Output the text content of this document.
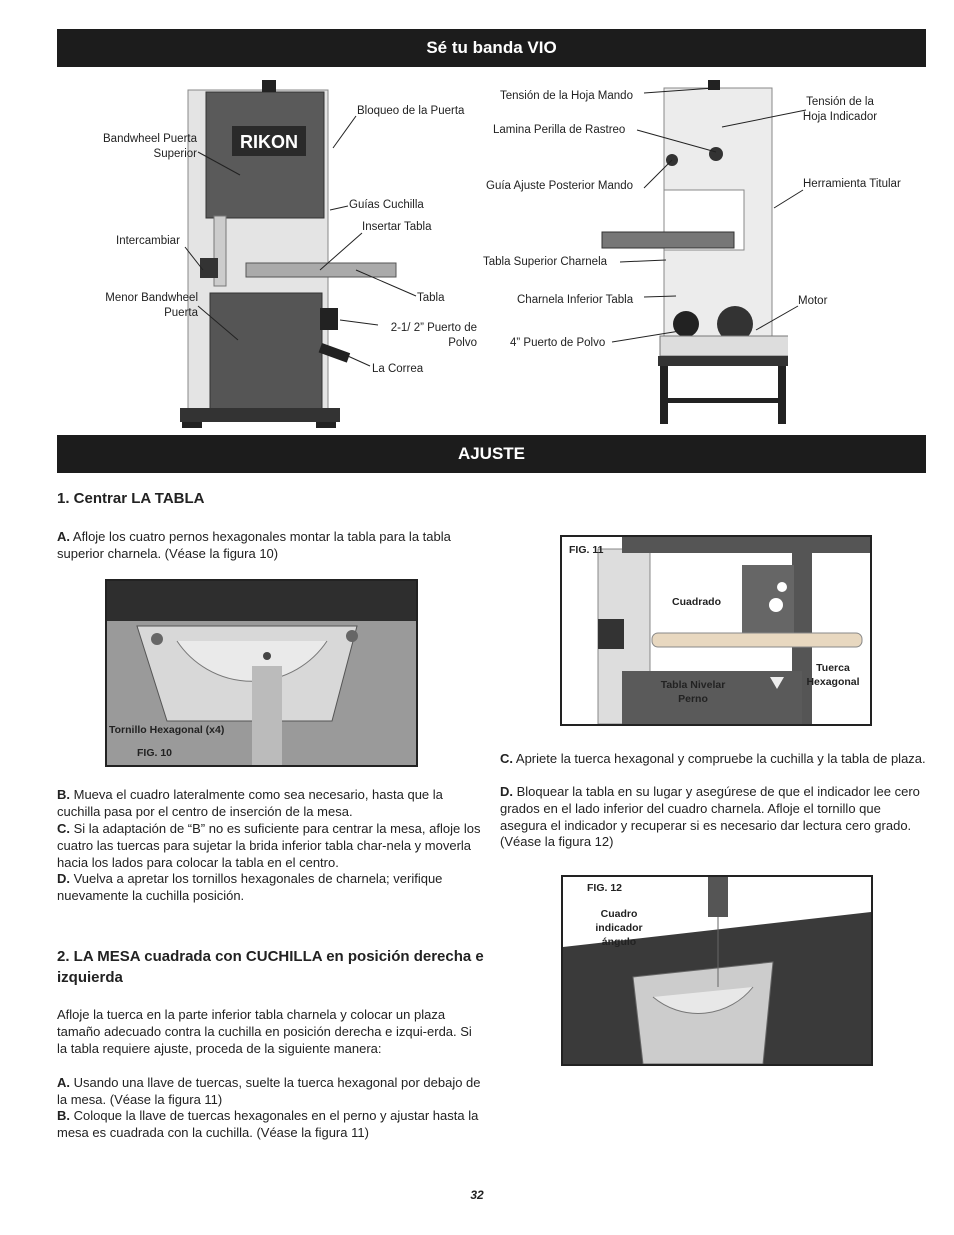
Sé tu banda VIO
RIKON
Bandwheel Puerta
Superior
Bloqueo de la Puerta
Guías Cuchilla
Insertar Tabla
Intercambiar
Menor Bandwheel
Puerta
Tabla
2-1/ 2” Puerto de
Polvo
La Correa
Tensión de la Hoja Mando
Lamina Perilla de Rastreo
Guía Ajuste Posterior Mando
Tabla Superior Charnela
Charnela Inferior Tabla
4” Puerto de Polvo
Tensión de la
Hoja Indicador
Herramienta Titular
Motor
AJUSTE
1. Centrar LA TABLA
A. Afloje los cuatro pernos hexagonales montar la tabla para la tabla superior charnela. (Véase la figura 10)
Tornillo Hexagonal (x4)
FIG. 10
B. Mueva el cuadro lateralmente como sea necesario, hasta que la cuchilla pasa por el centro de inserción de la mesa.
C. Si la adaptación de “B” no es suficiente para centrar la mesa, afloje los cuatro las tuercas para sujetar la brida inferior tabla char-nela y moverla hacia los lados para colocar la tabla en el centro.
D. Vuelva a apretar los tornillos hexagonales de charnela; verifique nuevamente la cuchilla posición.
2. LA MESA cuadrada con CUCHILLA en posición derecha e izquierda
Afloje la tuerca en la parte inferior tabla charnela y colocar un plaza tamaño adecuado contra la cuchilla en posición derecha e izqui-erda. Si la tabla requiere ajuste, proceda de la siguiente manera:
A. Usando una llave de tuercas, suelte la tuerca hexagonal por debajo de la mesa. (Véase la figura 11)
B. Coloque la llave de tuercas hexagonales en el perno y ajustar hasta la mesa es cuadrada con la cuchilla. (Véase la figura 11)
FIG. 11
Cuadrado
Tuerca
Hexagonal
Tabla Nivelar
Perno
C. Apriete la tuerca hexagonal y compruebe la cuchilla y la tabla de plaza.
D. Bloquear la tabla en su lugar y asegúrese de que el indicador lee cero grados en el lado inferior del cuadro charnela. Afloje el tornillo que asegura el indicador y recuperar si es necesario dar lectura cero grado. (Véase la figura 12)
FIG. 12
Cuadro
indicador
ángulo
32
